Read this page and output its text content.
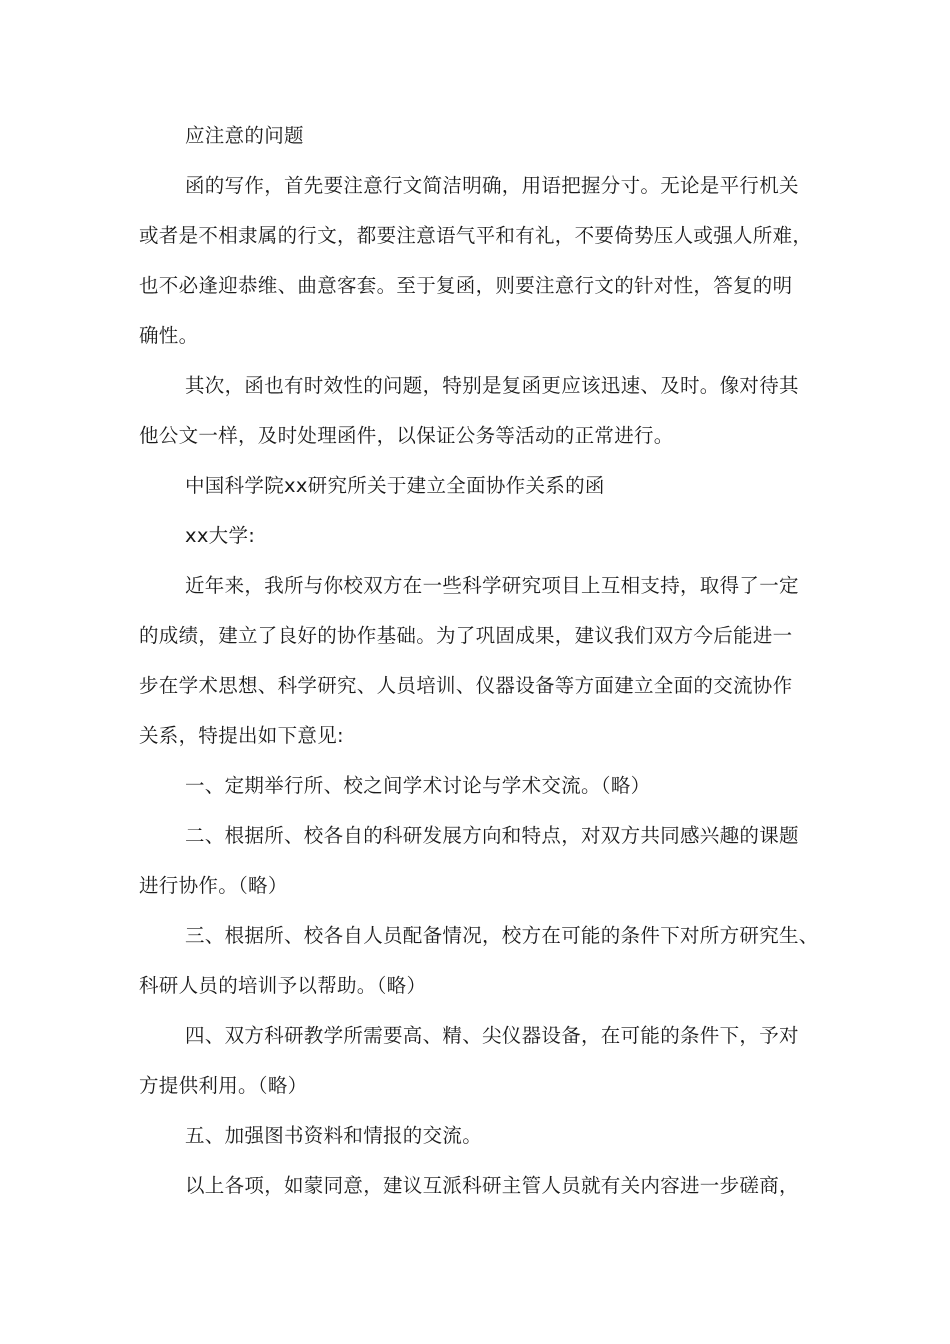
应注意的问题
函的写作，首先要注意行文简洁明确，用语把握分寸。无论是平行机关
或者是不相隶属的行文，都要注意语气平和有礼，不要倚势压人或强人所难，
也不必逢迎恭维、曲意客套。至于复函，则要注意行文的针对性，答复的明
确性。
其次，函也有时效性的问题，特别是复函更应该迅速、及时。像对待其
他公文一样，及时处理函件，以保证公务等活动的正常进行。
中国科学院xx研究所关于建立全面协作关系的函
xx大学:
近年来，我所与你校双方在一些科学研究项目上互相支持，取得了一定
的成绩，建立了良好的协作基础。为了巩固成果，建议我们双方今后能进一
步在学术思想、科学研究、人员培训、仪器设备等方面建立全面的交流协作
关系，特提出如下意见:
一、定期举行所、校之间学术讨论与学术交流。（略）
二、根据所、校各自的科研发展方向和特点，对双方共同感兴趣的课题
进行协作。（略）
三、根据所、校各自人员配备情况，校方在可能的条件下对所方研究生、
科研人员的培训予以帮助。（略）
四、双方科研教学所需要高、精、尖仪器设备，在可能的条件下，予对
方提供利用。（略）
五、加强图书资料和情报的交流。
以上各项，如蒙同意，建议互派科研主管人员就有关内容进一步磋商，
